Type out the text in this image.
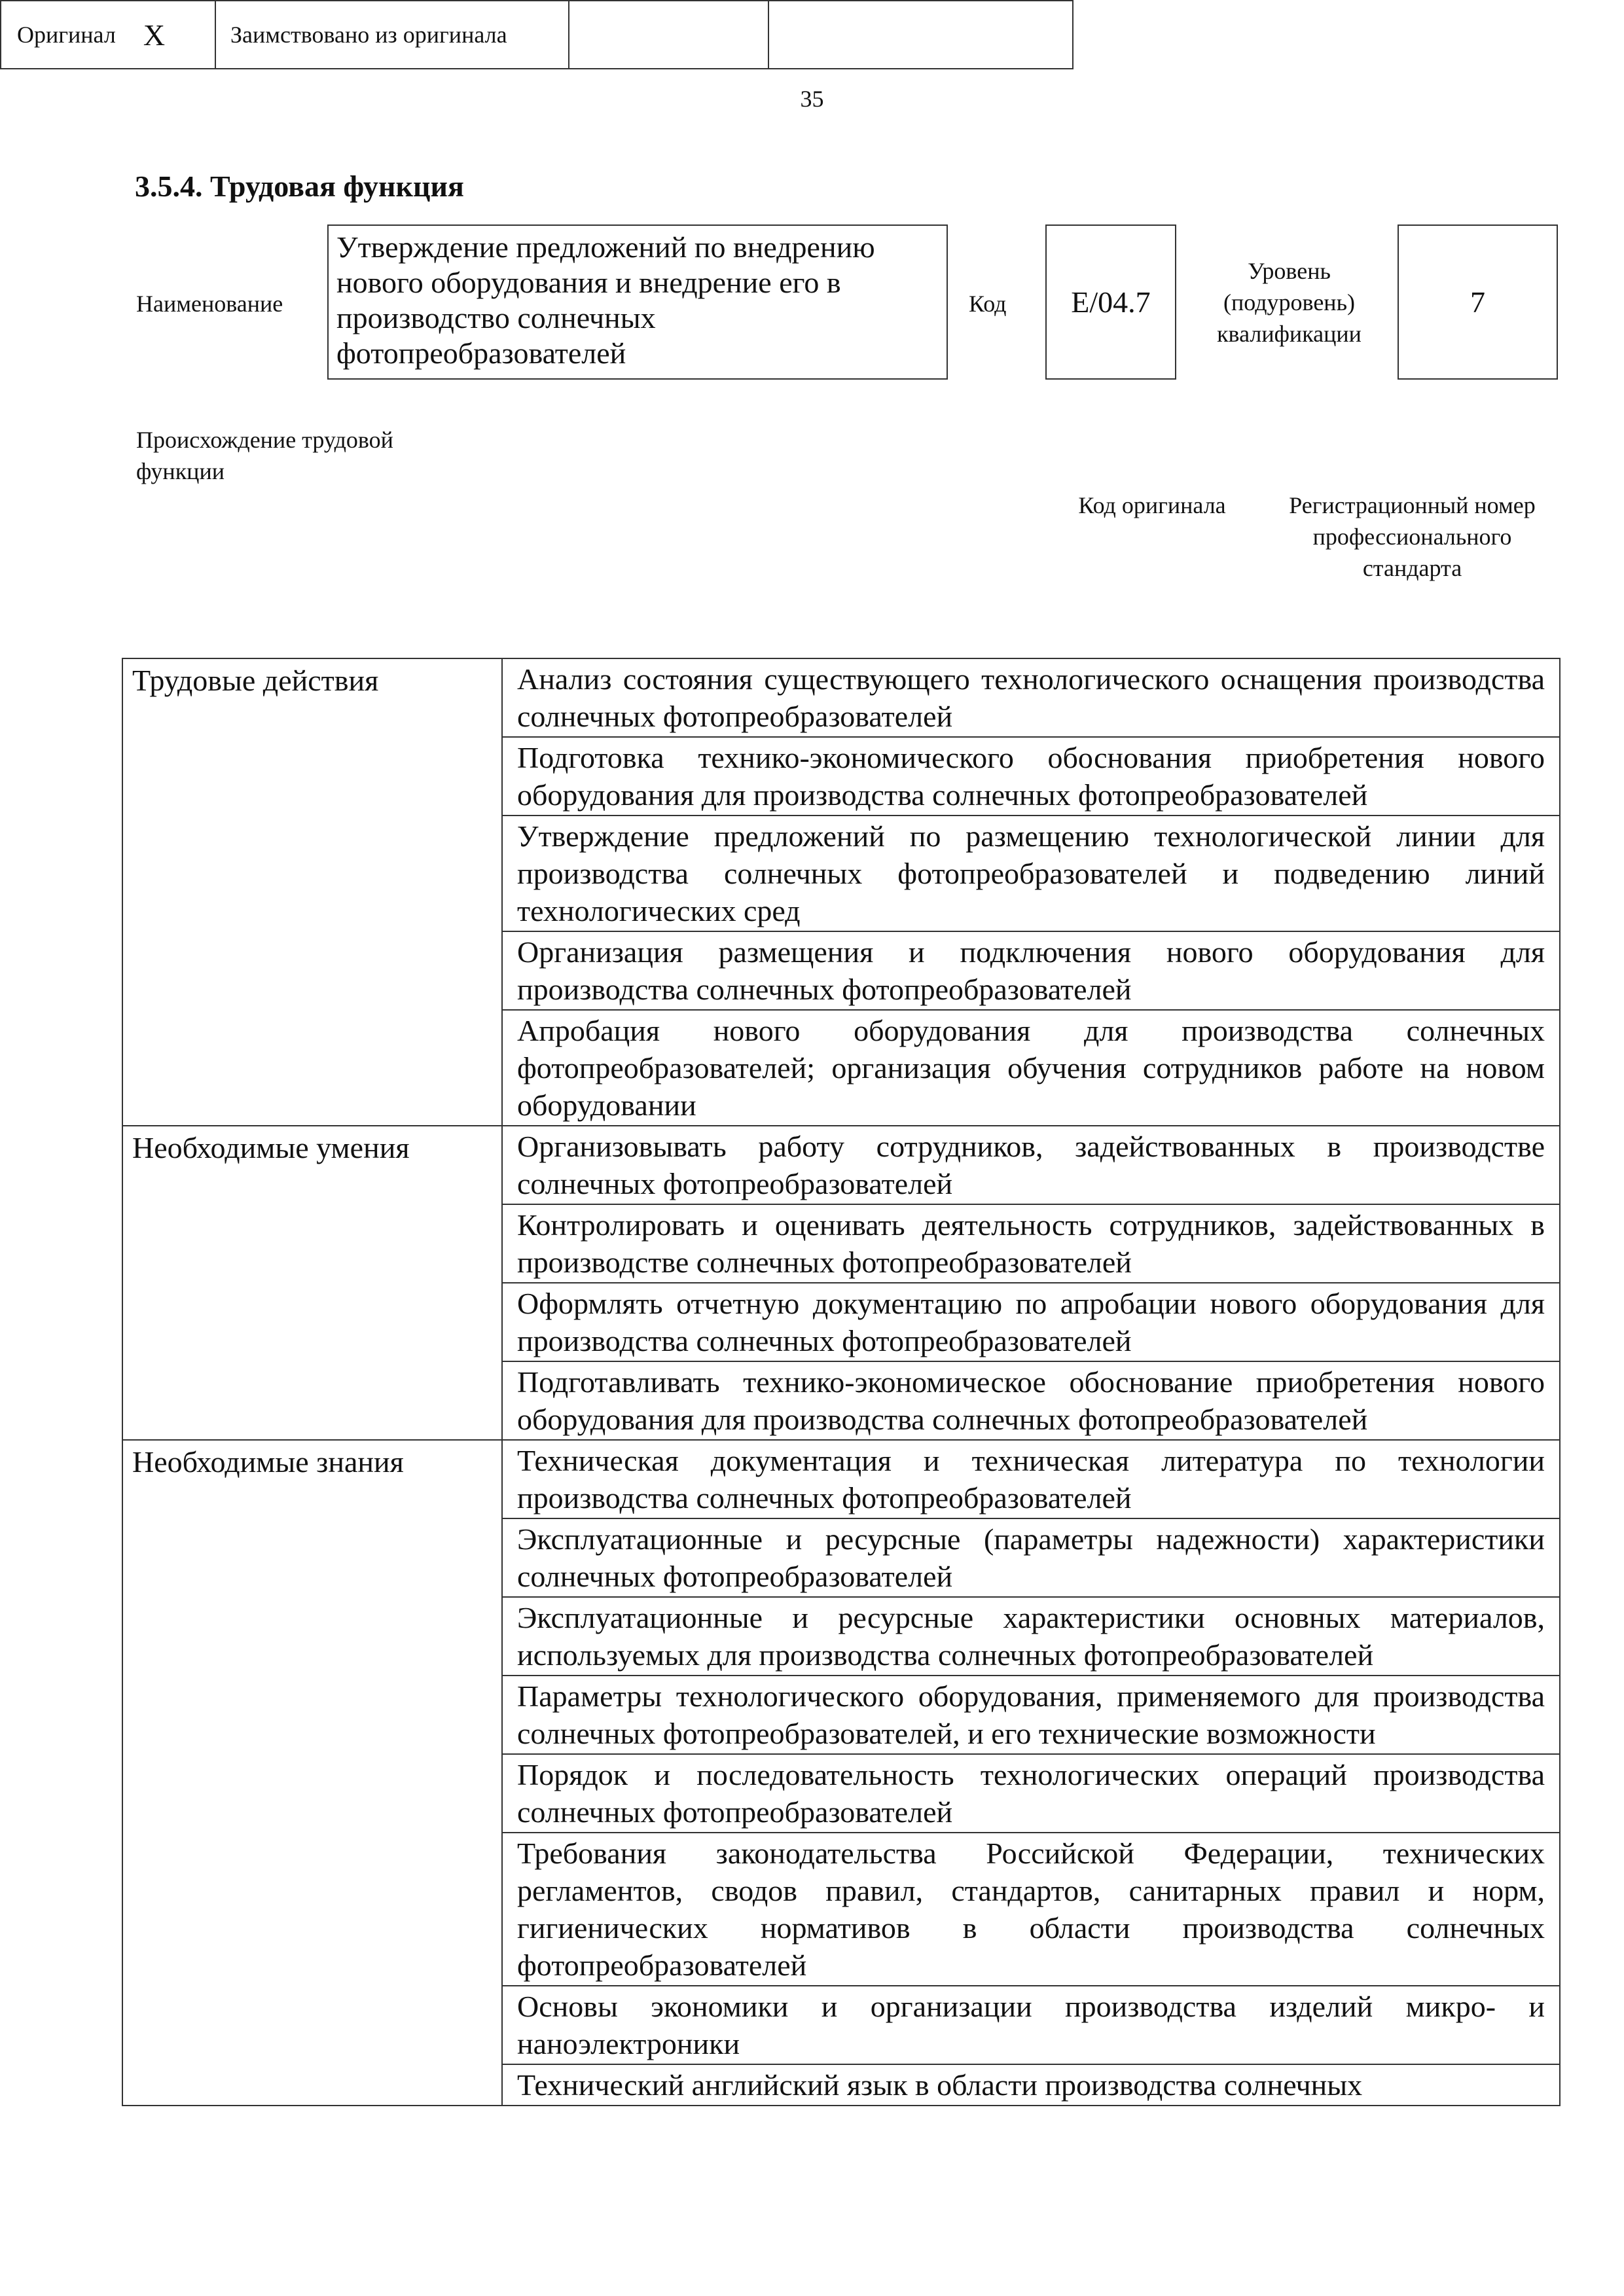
35
3.5.4. Трудовая функция
Наименование
Утверждение предложений по внедрению нового оборудования и внедрение его в производство солнечных фотопреобразователей
Код	E/04.7
Уровень (подуровень) квалификации
7
Происхождение трудовой функции
Оригинал X	Заимствовано из оригинала
Код оригинала	Регистрационный номер профессионального стандарта
Трудовые действия	Анализ состояния существующего технологического оснащения производства солнечных фотопреобразователей
	Подготовка технико-экономического обоснования приобретения нового оборудования для производства солнечных фотопреобразователей
	Утверждение предложений по размещению технологической линии для производства солнечных фотопреобразователей и подведению линий технологических сред
	Организация размещения и подключения нового оборудования для производства солнечных фотопреобразователей
	Апробация нового оборудования для производства солнечных фотопреобразователей; организация обучения сотрудников работе на новом оборудовании
Необходимые умения	Организовывать работу сотрудников, задействованных в производстве солнечных фотопреобразователей
	Контролировать и оценивать деятельность сотрудников, задействованных в производстве солнечных фотопреобразователей
	Оформлять отчетную документацию по апробации нового оборудования для производства солнечных фотопреобразователей
	Подготавливать технико-экономическое обоснование приобретения нового оборудования для производства солнечных фотопреобразователей
Необходимые знания	Техническая документация и техническая литература по технологии производства солнечных фотопреобразователей
	Эксплуатационные и ресурсные (параметры надежности) характеристики солнечных фотопреобразователей
	Эксплуатационные и ресурсные характеристики основных материалов, используемых для производства солнечных фотопреобразователей
	Параметры технологического оборудования, применяемого для производства солнечных фотопреобразователей, и его технические возможности
	Порядок и последовательность технологических операций производства солнечных фотопреобразователей
	Требования законодательства Российской Федерации, технических регламентов, сводов правил, стандартов, санитарных правил и норм, гигиенических нормативов в области производства солнечных фотопреобразователей
	Основы экономики и организации производства изделий микро- и наноэлектроники
	Технический английский язык в области производства солнечных
